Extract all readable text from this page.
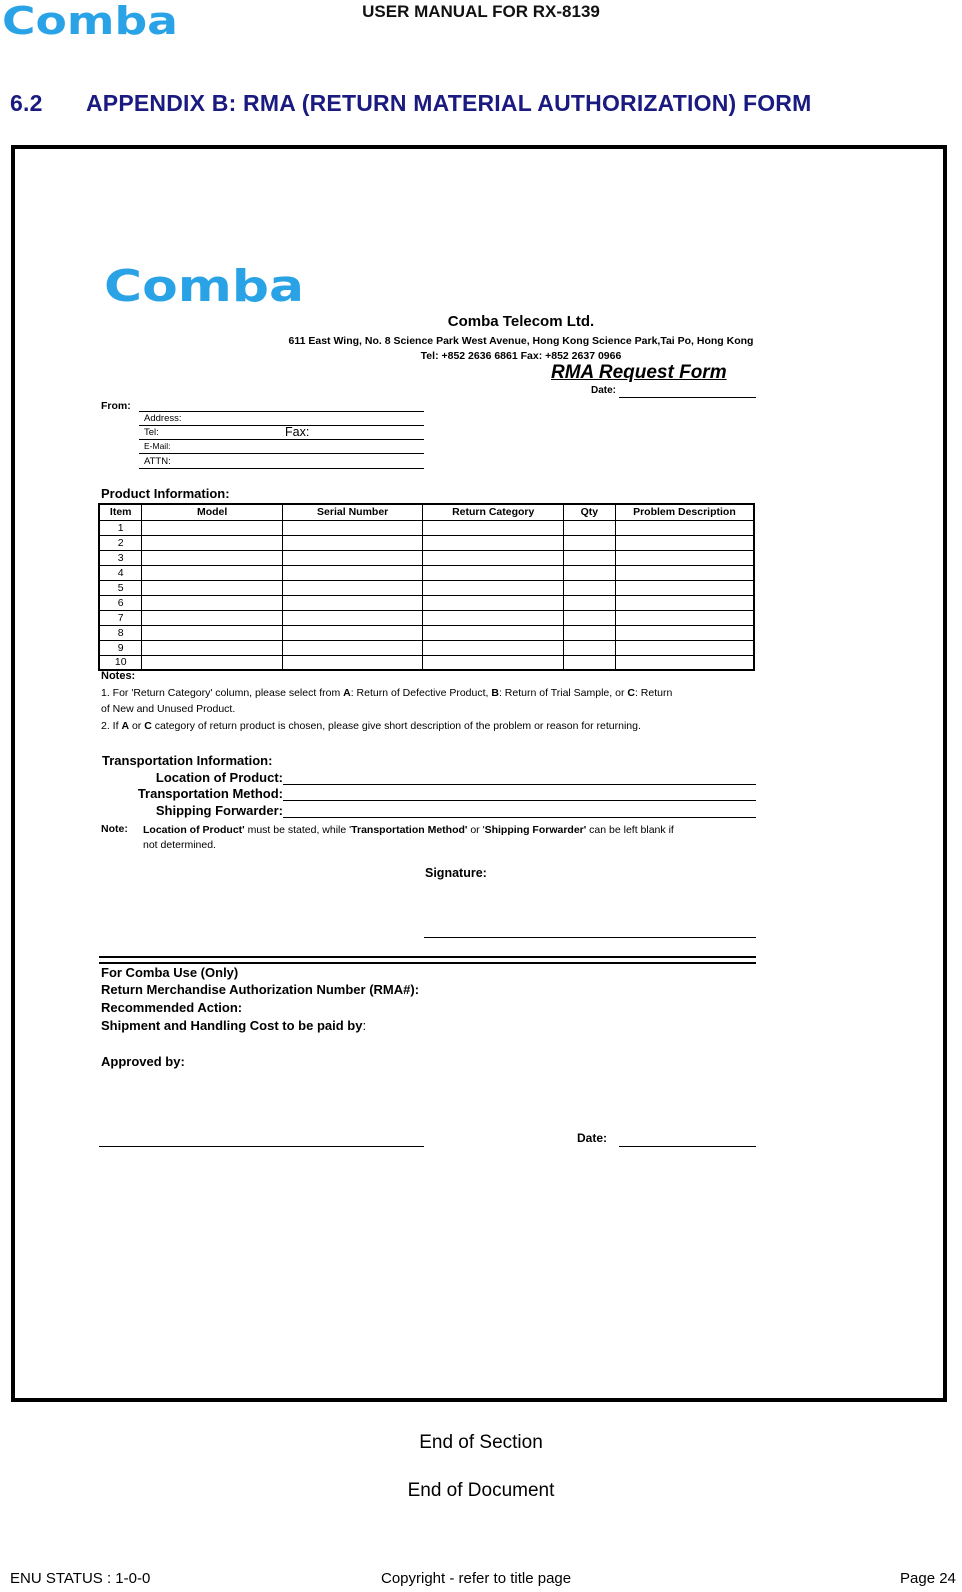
Comba	USER MANUAL FOR RX-8139
6.2 APPENDIX B: RMA (RETURN MATERIAL AUTHORIZATION) FORM
Comba
Comba Telecom Ltd.
611 East Wing, No. 8 Science Park West Avenue, Hong Kong Science Park,Tai Po, Hong Kong
Tel: +852 2636 6861 Fax: +852 2637 0966
RMA Request Form
Date:
From:
Address:
Tel:	Fax:
E-Mail:
ATTN:
Product Information:
Item	Model	Serial Number	Return Category	Qty	Problem Description
1					
2					
3					
4					
5					
6					
7					
8					
9					
10					
Notes:
1. For 'Return Category' column, please select from A: Return of Defective Product, B: Return of Trial Sample, or C: Return
of New and Unused Product.
2. If A or C category of return product is chosen, please give short description of the problem or reason for returning.
Transportation Information:
Location of Product:
Transportation Method:
Shipping Forwarder:
Note: Location of Product' must be stated, while 'Transportation Method' or 'Shipping Forwarder' can be left blank if
not determined.
Signature:
For Comba Use (Only)
Return Merchandise Authorization Number (RMA#):
Recommended Action:
Shipment and Handling Cost to be paid by:
Approved by:
Date:
End of Section
End of Document
ENU STATUS : 1-0-0	Copyright - refer to title page	Page 24
